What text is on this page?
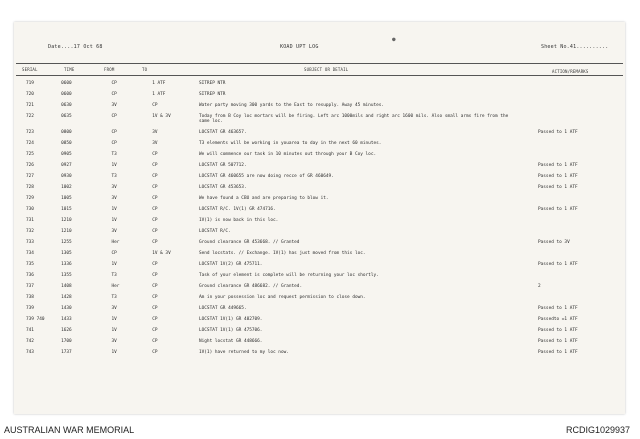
Date....17 Oct 68	KOAD UPT LOG	Sheet No.41..........
●
SERIAL	TIME	FROM	TO	SUBJECT OR DETAIL	ACTION/REMARKS
719	0600	CP	1 ATF	SITREP NTR
720	0600	CP	1 ATF	SITREP NTR
721	0630	3V	CP	Water party moving 300 yards to the East to resupply. Away 45 minutes.
722	0635	CP	1V & 3V	Today from B Coy loc mortars will be firing. Left arc 1000mils and right arc 1600 mils. Also small arms fire from the same loc.
723	0800	CP	3V	LOCSTAT GR 463657.	Passed to 1 ATF
724	0850	CP	3V	T3 elements will be working in youarea to day in the next 60 minutes.
725	0905	T3	CP	We will commence our task in 10 minutes out through your B Coy loc.
726	0927	1V	CP	LOCSTAT GR 507712.	Passed to 1 ATF
727	0930	T3	CP	LOCSTAT GR 460655 are now doing recce of GR 460649.	Passed to 1 ATF
728	1002	3V	CP	LOCSTAT GR 453653.	Passed to 1 ATF
729	1005	3V	CP	We have found a CBU and are preparing to blow it.
730	1015	1V	CP	LOCSTAT R/C. 1V(1) GR 474716.	Passed to 1 ATF
731	1210	1V	CP	1V(1) is now back in this loc.
732	1210	3V	CP	LOCSTAT R/C.
733	1255	Her	CP	Ground clearance GR 453668. // Granted	Passed to 3V
734	1305	CP	1V & 3V	Send locstats. // Exchange. 1V(1) has just moved from this loc.
735	1336	1V	CP	LOCSTAT 1V(2) GR 475711.	Passed to 1 ATF
736	1355	T3	CP	Task of your element is complete will be returning your loc shortly.
737	1408	Her	CP	Ground clearance GR 486682. // Granted.	2
738	1428	T3	CP	Am in your possession loc and request permission to close down.
739	1430	3V	CP	LOCSTAT GR 449665.	Passed to 1 ATF
739 740	1433	1V	CP	LOCSTAT 1V(1) GR 482709.	Passedto =1 ATF
741	1626	1V	CP	LOCSTAT 1V(1) GR 475706.	Passed to 1 ATF
742	1700	3V	CP	Night locstat GR 448666.	Passed to 1 ATF
743	1737	1V	CP	1V(1) have returned to my loc now.	Passed to 1 ATF
AUSTRALIAN WAR MEMORIAL	RCDIG1029937
